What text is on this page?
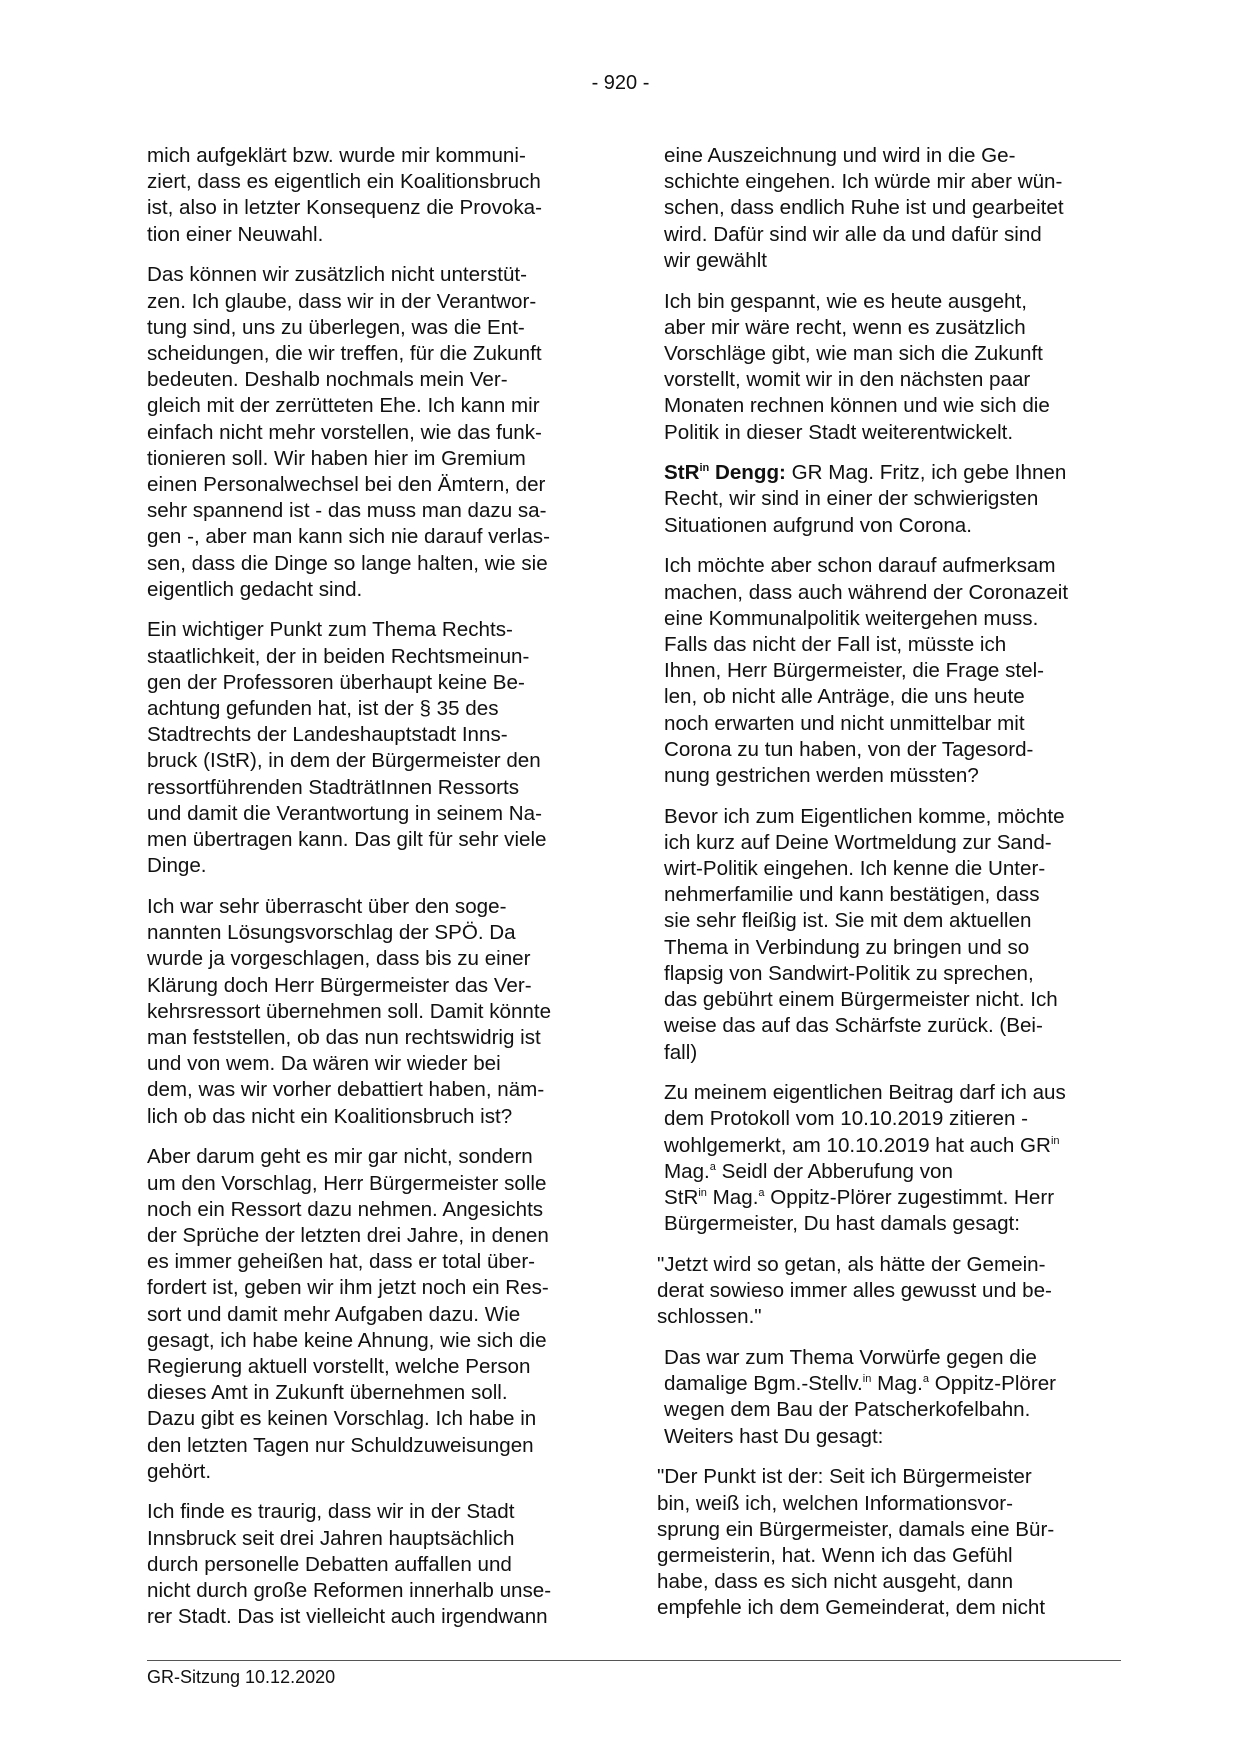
- 920 -

mich aufgeklärt bzw. wurde mir kommuni-
ziert, dass es eigentlich ein Koalitionsbruch
ist, also in letzter Konsequenz die Provoka-
tion einer Neuwahl.

Das können wir zusätzlich nicht unterstüt-
zen. Ich glaube, dass wir in der Verantwor-
tung sind, uns zu überlegen, was die Ent-
scheidungen, die wir treffen, für die Zukunft
bedeuten. Deshalb nochmals mein Ver-
gleich mit der zerrütteten Ehe. Ich kann mir
einfach nicht mehr vorstellen, wie das funk-
tionieren soll. Wir haben hier im Gremium
einen Personalwechsel bei den Ämtern, der
sehr spannend ist - das muss man dazu sa-
gen -, aber man kann sich nie darauf verlas-
sen, dass die Dinge so lange halten, wie sie
eigentlich gedacht sind.

Ein wichtiger Punkt zum Thema Rechts-
staatlichkeit, der in beiden Rechtsmeinun-
gen der Professoren überhaupt keine Be-
achtung gefunden hat, ist der § 35 des
Stadtrechts der Landeshauptstadt Inns-
bruck (IStR), in dem der Bürgermeister den
ressortführenden StadträtInnen Ressorts
und damit die Verantwortung in seinem Na-
men übertragen kann. Das gilt für sehr viele
Dinge.

Ich war sehr überrascht über den soge-
nannten Lösungsvorschlag der SPÖ. Da
wurde ja vorgeschlagen, dass bis zu einer
Klärung doch Herr Bürgermeister das Ver-
kehrsressort übernehmen soll. Damit könnte
man feststellen, ob das nun rechtswidrig ist
und von wem. Da wären wir wieder bei
dem, was wir vorher debattiert haben, näm-
lich ob das nicht ein Koalitionsbruch ist?

Aber darum geht es mir gar nicht, sondern
um den Vorschlag, Herr Bürgermeister solle
noch ein Ressort dazu nehmen. Angesichts
der Sprüche der letzten drei Jahre, in denen
es immer geheißen hat, dass er total über-
fordert ist, geben wir ihm jetzt noch ein Res-
sort und damit mehr Aufgaben dazu. Wie
gesagt, ich habe keine Ahnung, wie sich die
Regierung aktuell vorstellt, welche Person
dieses Amt in Zukunft übernehmen soll.
Dazu gibt es keinen Vorschlag. Ich habe in
den letzten Tagen nur Schuldzuweisungen
gehört.

Ich finde es traurig, dass wir in der Stadt
Innsbruck seit drei Jahren hauptsächlich
durch personelle Debatten auffallen und
nicht durch große Reformen innerhalb unse-
rer Stadt. Das ist vielleicht auch irgendwann

eine Auszeichnung und wird in die Ge-
schichte eingehen. Ich würde mir aber wün-
schen, dass endlich Ruhe ist und gearbeitet
wird. Dafür sind wir alle da und dafür sind
wir gewählt

Ich bin gespannt, wie es heute ausgeht,
aber mir wäre recht, wenn es zusätzlich
Vorschläge gibt, wie man sich die Zukunft
vorstellt, womit wir in den nächsten paar
Monaten rechnen können und wie sich die
Politik in dieser Stadt weiterentwickelt.

StR$^{in}$ Dengg: GR Mag. Fritz, ich gebe Ihnen
Recht, wir sind in einer der schwierigsten
Situationen aufgrund von Corona.

Ich möchte aber schon darauf aufmerksam
machen, dass auch während der Coronazeit
eine Kommunalpolitik weitergehen muss.
Falls das nicht der Fall ist, müsste ich
Ihnen, Herr Bürgermeister, die Frage stel-
len, ob nicht alle Anträge, die uns heute
noch erwarten und nicht unmittelbar mit
Corona zu tun haben, von der Tagesord-
nung gestrichen werden müssten?

Bevor ich zum Eigentlichen komme, möchte
ich kurz auf Deine Wortmeldung zur Sand-
wirt-Politik eingehen. Ich kenne die Unter-
nehmerfamilie und kann bestätigen, dass
sie sehr fleißig ist. Sie mit dem aktuellen
Thema in Verbindung zu bringen und so
flapsig von Sandwirt-Politik zu sprechen,
das gebührt einem Bürgermeister nicht. Ich
weise das auf das Schärfste zurück. (Bei-
fall)

Zu meinem eigentlichen Beitrag darf ich aus
dem Protokoll vom 10.10.2019 zitieren -
wohlgemerkt, am 10.10.2019 hat auch $GR^{in}$
Mag.$^a$ Seidl der Abberufung von
StR$^{in}$ Mag.$^a$ Oppitz-Plörer zugestimmt. Herr
Bürgermeister, Du hast damals gesagt:

"Jetzt wird so getan, als hätte der Gemein-
derat sowieso immer alles gewusst und be-
schlossen."

Das war zum Thema Vorwürfe gegen die
damalige Bgm.-Stellv.$^{in}$ Mag.$^a$ Oppitz-Plörer
wegen dem Bau der Patscherkofelbahn.
Weiters hast Du gesagt:

"Der Punkt ist der: Seit ich Bürgermeister
bin, weiß ich, welchen Informationsvor-
sprung ein Bürgermeister, damals eine Bür-
germeisterin, hat. Wenn ich das Gefühl
habe, dass es sich nicht ausgeht, dann
empfehle ich dem Gemeinderat, dem nicht

GR-Sitzung 10.12.2020
